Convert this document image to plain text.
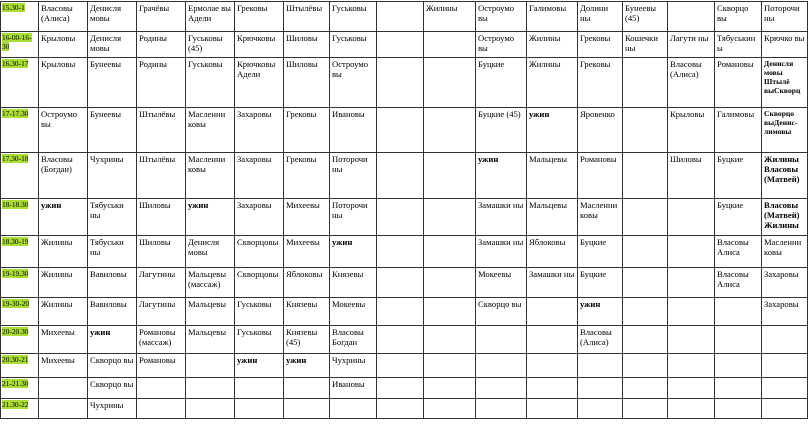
15.30-1	Власовы (Алиса)	Денисля мовы	Грачёвы	Ермолае вы Адели	Грековы	Штылёвы	Гуськовы		Жилины	Остроумо вы	Галимовы	Долини ны	Бунеевы (45)		Скворцо вы	Поторочи ны
16-00-16-30	Крыловы	Денисля мовы	Родины	Гуськовы (45)	Крючковы	Шиловы	Гуськовы			Остроумо вы	Жилины	Грековы	Кошечки ны	Лагути ны	Тябуськин ы	Крючко вы
16.30-17	Крыловы	Бунеевы	Родины	Гуськовы	Крючковы Адели	Шиловы	Остроумо вы			Буцкие	Жилины	Грековы		Власовы (Алиса)	Романовы	Денисля мовы Штылё выСкворц
17-17.30	Остроумо вы	Бунеевы	Штылёвы	Масленни ковы	Захаровы	Грековы	Ивановы			Буцкие (45)	ужин	Яровенко		Крыловы	Галимовы	Скворцо выДенис- лимовы
17.30-18	Власовы (Богдан)	Чухрины	Штылёвы	Масленни ковы	Захаровы	Грековы	Поторочи ны			ужин	Мальцевы	Романовы		Шиловы	Буцкие	Жилины Власовы (Матвей)
18-18.30	ужин	Тябуськи ны	Шиловы	ужин	Захаровы	Михеевы	Поторочи ны			Замашки ны	Мальцевы	Масленни ковы			Буцкие	Власовы (Матвей) Жилины
18.30-19	Жилины	Тябуськи ны	Шиловы	Денисля мовы	Скворцовы	Михеевы	ужин			Замашки ны	Яблоковы	Буцкие			Власовы Алиса	Масленни ковы
19-19,30	Жилины	Вавиловы	Лагутины	Мальцевы (массаж)	Скворцовы	Яблоковы	Князевы			Мокеевы	Замашки ны	Буцкие			Власовы Алиса	Захаровы
19-30-20	Жилины	Вавиловы	Лагутины	Мальцевы	Гуськовы	Князевы	Мокеевы			Скворцо вы		ужин				Захаровы
20-20.30	Михеевы	ужин	Романовы (массаж)	Мальцевы	Гуськовы	Князевы (45)	Власовы Богдан					Власовы (Алиса)				
20.30-21	Михеевы	Скворцо вы	Романовы		ужин	ужин	Чухрины									
21-21.30		Скворцо вы					Ивановы									
21.30-22		Чухрины														
